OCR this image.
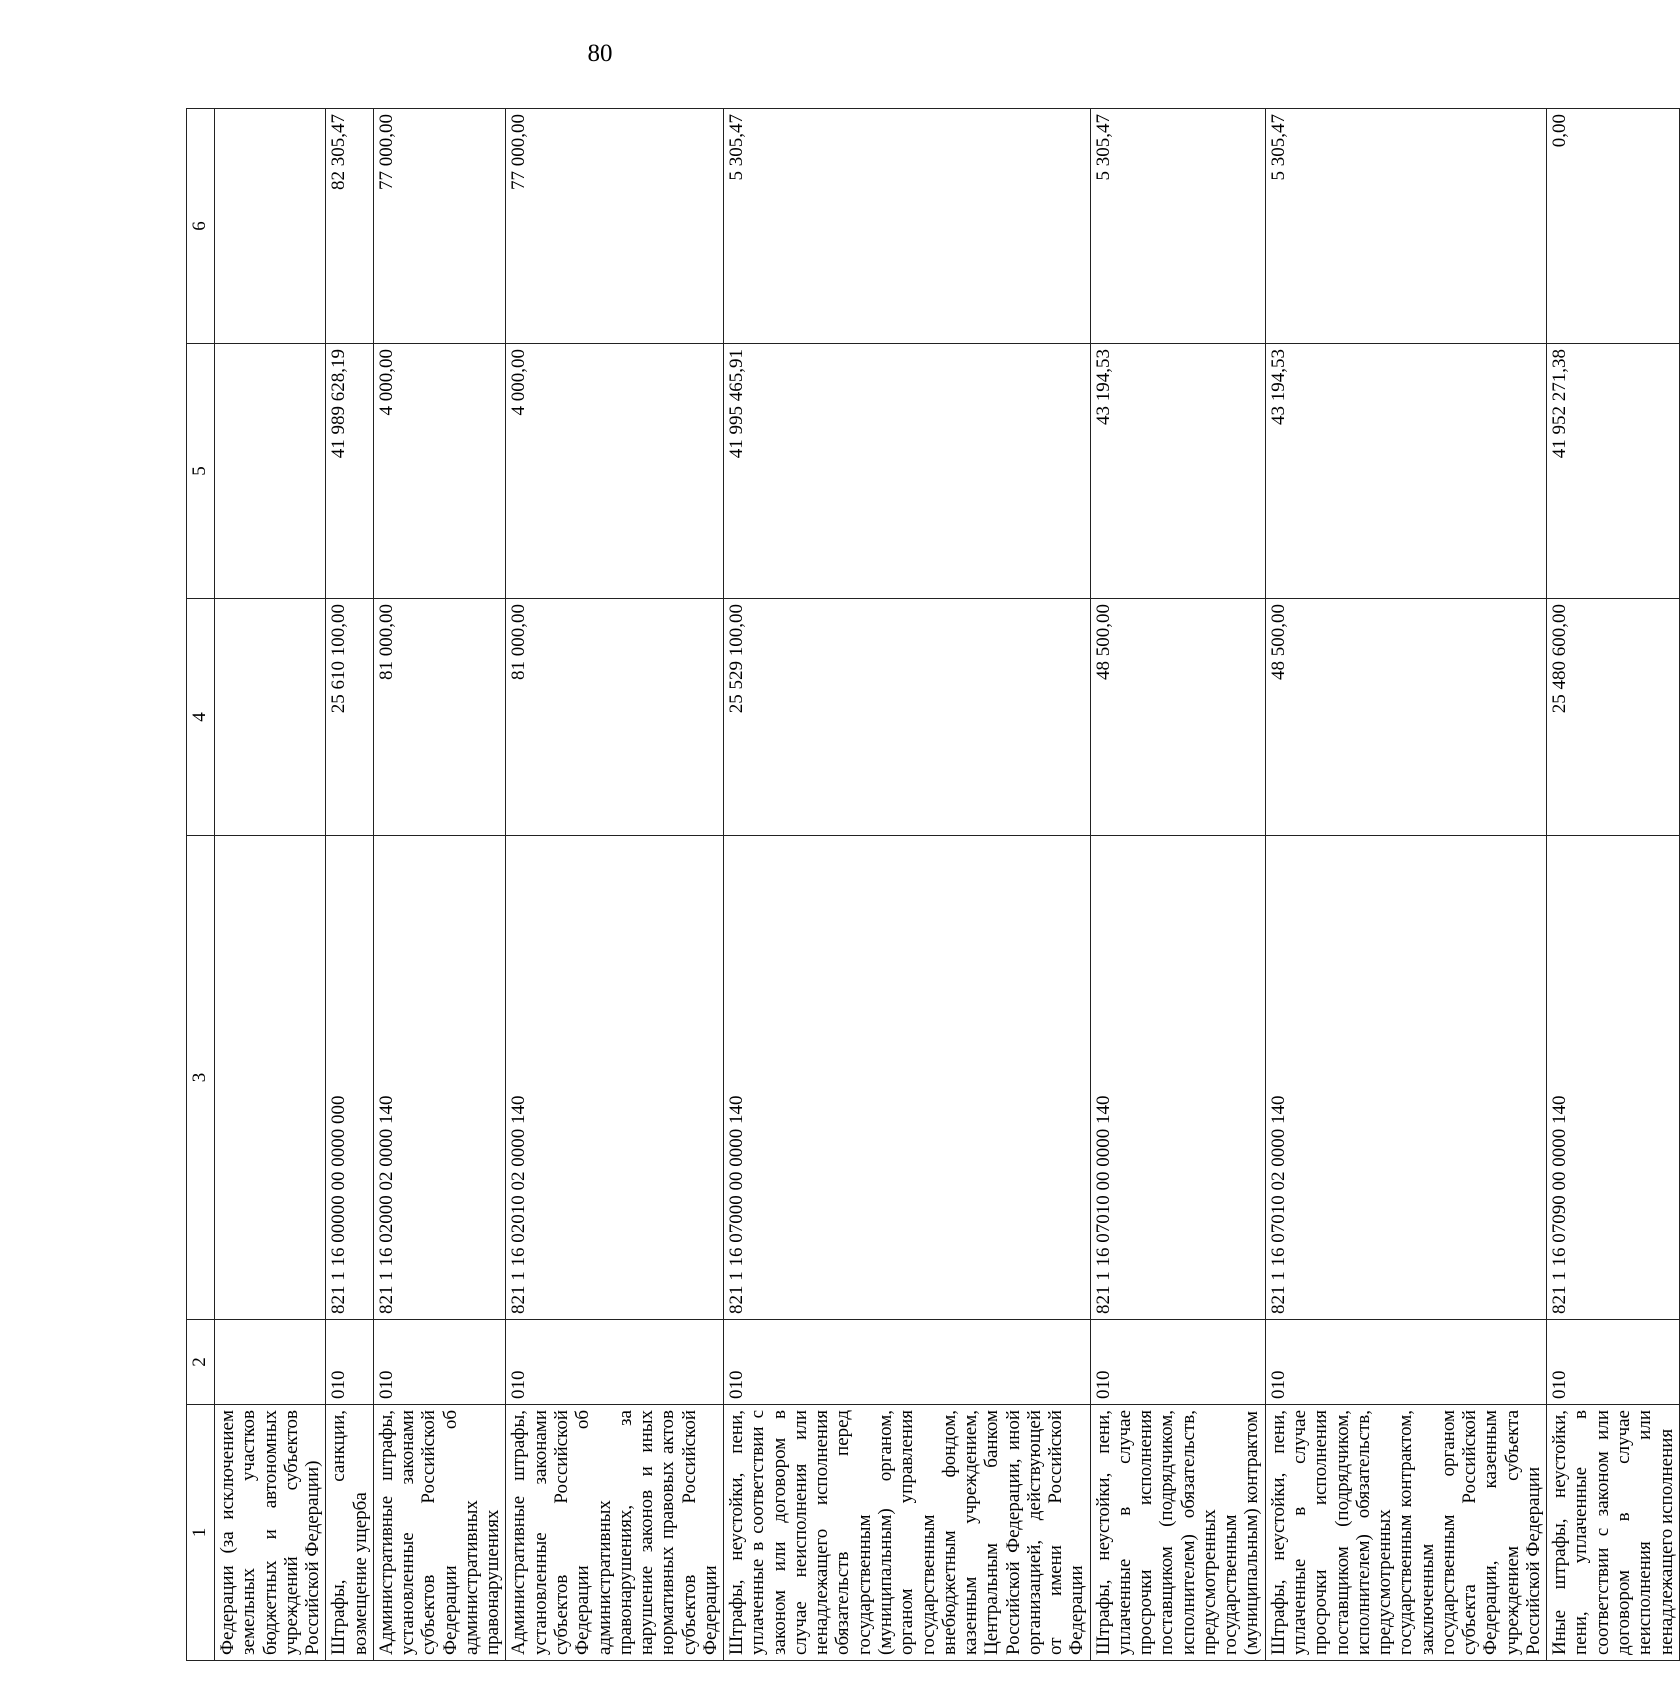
80
1	2	3	4	5	6
Федерации (за исключением земельных участков бюджетных и автономных учреждений субъектов Российской Федерации)					
Штрафы, санкции, возмещение ущерба	010	821 1 16 00000 00 0000 000	25 610 100,00	41 989 628,19	82 305,47
Административные штрафы, установленные законами субъектов Российской Федерации об административных правонарушениях	010	821 1 16 02000 02 0000 140	81 000,00	4 000,00	77 000,00
Административные штрафы, установленные законами субъектов Российской Федерации об административных правонарушениях, за нарушение законов и иных нормативных правовых актов субъектов Российской Федерации	010	821 1 16 02010 02 0000 140	81 000,00	4 000,00	77 000,00
Штрафы, неустойки, пени, уплаченные в соответствии с законом или договором в случае неисполнения или ненадлежащего исполнения обязательств перед государственным (муниципальным) органом, органом управления государственным внебюджетным фондом, казенным учреждением, Центральным банком Российской Федерации, иной организацией, действующей от имени Российской Федерации	010	821 1 16 07000 00 0000 140	25 529 100,00	41 995 465,91	5 305,47
Штрафы, неустойки, пени, уплаченные в случае просрочки исполнения поставщиком (подрядчиком, исполнителем) обязательств, предусмотренных государственным (муниципальным) контрактом	010	821 1 16 07010 00 0000 140	48 500,00	43 194,53	5 305,47
Штрафы, неустойки, пени, уплаченные в случае просрочки исполнения поставщиком (подрядчиком, исполнителем) обязательств, предусмотренных государственным контрактом, заключенным государственным органом субъекта Российской Федерации, казенным учреждением субъекта Российской Федерации	010	821 1 16 07010 02 0000 140	48 500,00	43 194,53	5 305,47
Иные штрафы, неустойки, пени, уплаченные в соответствии с законом или договором в случае неисполнения или ненадлежащего исполнения	010	821 1 16 07090 00 0000 140	25 480 600,00	41 952 271,38	0,00
